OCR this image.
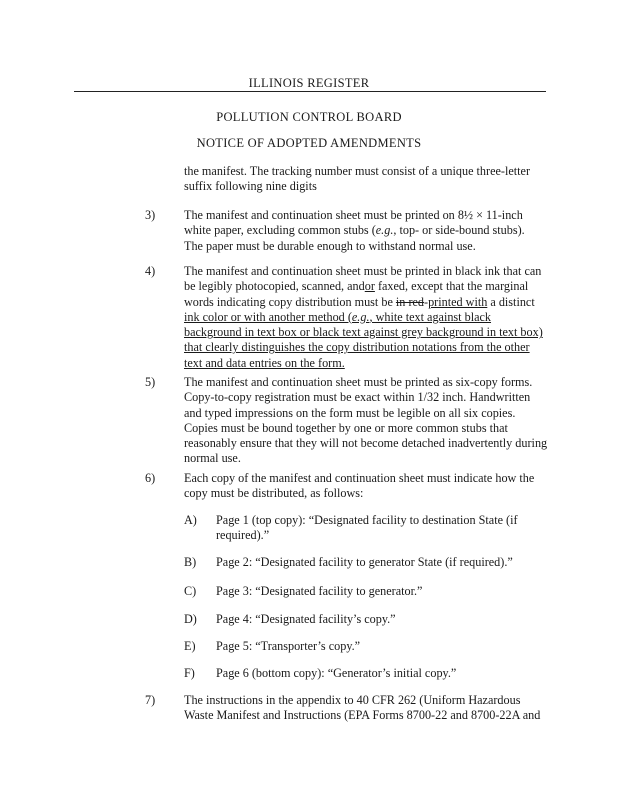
ILLINOIS REGISTER
POLLUTION CONTROL BOARD
NOTICE OF ADOPTED AMENDMENTS
the manifest. The tracking number must consist of a unique three-letter
suffix following nine digits
3)	The manifest and continuation sheet must be printed on 8½ × 11-inch
white paper, excluding common stubs (e.g., top- or side-bound stubs).
The paper must be durable enough to withstand normal use.
4)	The manifest and continuation sheet must be printed in black ink that can
be legibly photocopied, scanned, andor faxed, except that the marginal
words indicating copy distribution must be in red-printed with a distinct
ink color or with another method (e.g., white text against black
background in text box or black text against grey background in text box)
that clearly distinguishes the copy distribution notations from the other
text and data entries on the form.
5)	The manifest and continuation sheet must be printed as six-copy forms.
Copy-to-copy registration must be exact within 1/32 inch. Handwritten
and typed impressions on the form must be legible on all six copies.
Copies must be bound together by one or more common stubs that
reasonably ensure that they will not become detached inadvertently during
normal use.
6)	Each copy of the manifest and continuation sheet must indicate how the
copy must be distributed, as follows:
A)	Page 1 (top copy): “Designated facility to destination State (if
required).”
B)	Page 2: “Designated facility to generator State (if required).”
C)	Page 3: “Designated facility to generator.”
D)	Page 4: “Designated facility’s copy.”
E)	Page 5: “Transporter’s copy.”
F)	Page 6 (bottom copy): “Generator’s initial copy.”
7)	The instructions in the appendix to 40 CFR 262 (Uniform Hazardous
Waste Manifest and Instructions (EPA Forms 8700-22 and 8700-22A and
